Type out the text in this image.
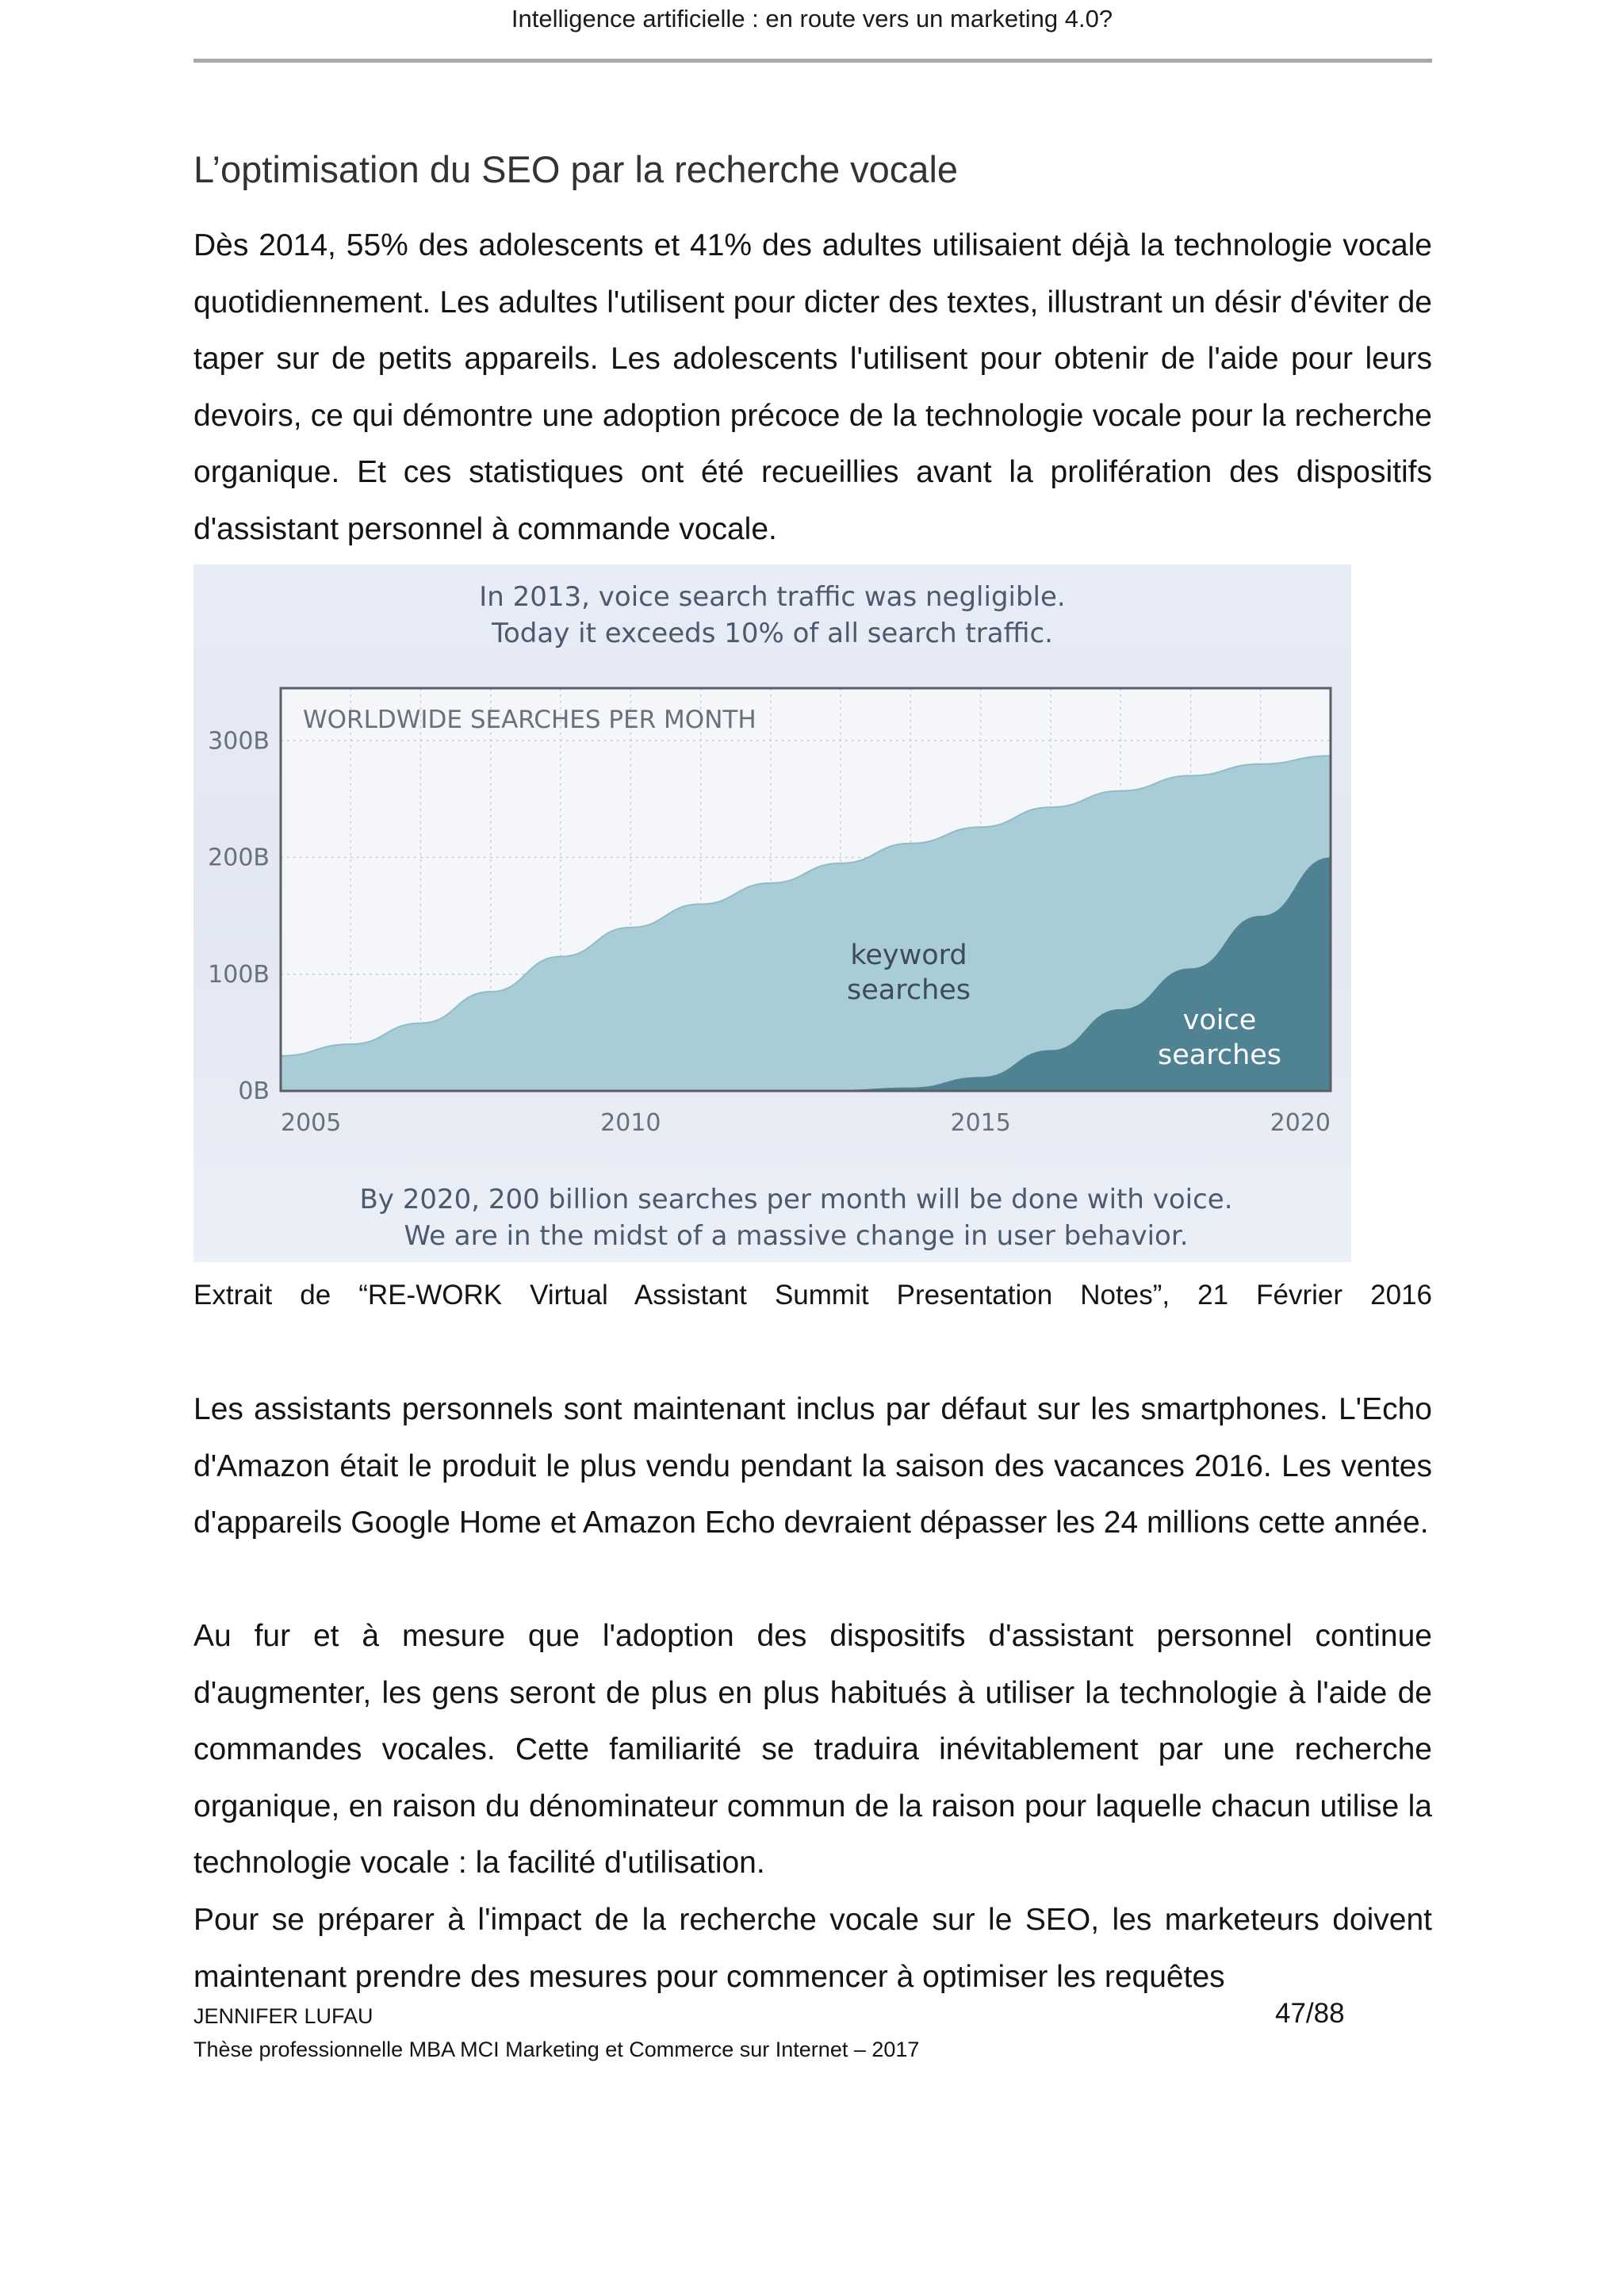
Intelligence artificielle : en route vers un marketing 4.0?
L’optimisation du SEO par la recherche vocale

Dès 2014, 55% des adolescents et 41% des adultes utilisaient déjà la technologie vocale quotidiennement. Les adultes l'utilisent pour dicter des textes, illustrant un désir d'éviter de taper sur de petits appareils. Les adolescents l'utilisent pour obtenir de l'aide pour leurs devoirs, ce qui démontre une adoption précoce de la technologie vocale pour la recherche organique. Et ces statistiques ont été recueillies avant la prolifération des dispositifs d'assistant personnel à commande vocale.

In 2013, voice search traffic was negligible.
Today it exceeds 10% of all search traffic.
WORLDWIDE SEARCHES PER MONTH
0B
100B
200B
300B
2005	2010	2015	2020
keyword
searches
voice
searches
By 2020, 200 billion searches per month will be done with voice.
We are in the midst of a massive change in user behavior.
Extrait de “RE-WORK Virtual Assistant Summit Presentation Notes”, 21 Février 2016

Les assistants personnels sont maintenant inclus par défaut sur les smartphones. L'Echo d'Amazon était le produit le plus vendu pendant la saison des vacances 2016. Les ventes d'appareils Google Home et Amazon Echo devraient dépasser les 24 millions cette année.

Au fur et à mesure que l'adoption des dispositifs d'assistant personnel continue d'augmenter, les gens seront de plus en plus habitués à utiliser la technologie à l'aide de commandes vocales. Cette familiarité se traduira inévitablement par une recherche organique, en raison du dénominateur commun de la raison pour laquelle chacun utilise la technologie vocale : la facilité d'utilisation.

Pour se préparer à l'impact de la recherche vocale sur le SEO, les marketeurs doivent maintenant prendre des mesures pour commencer à optimiser les requêtes

JENNIFER LUFAU	47/88
Thèse professionnelle MBA MCI Marketing et Commerce sur Internet – 2017
